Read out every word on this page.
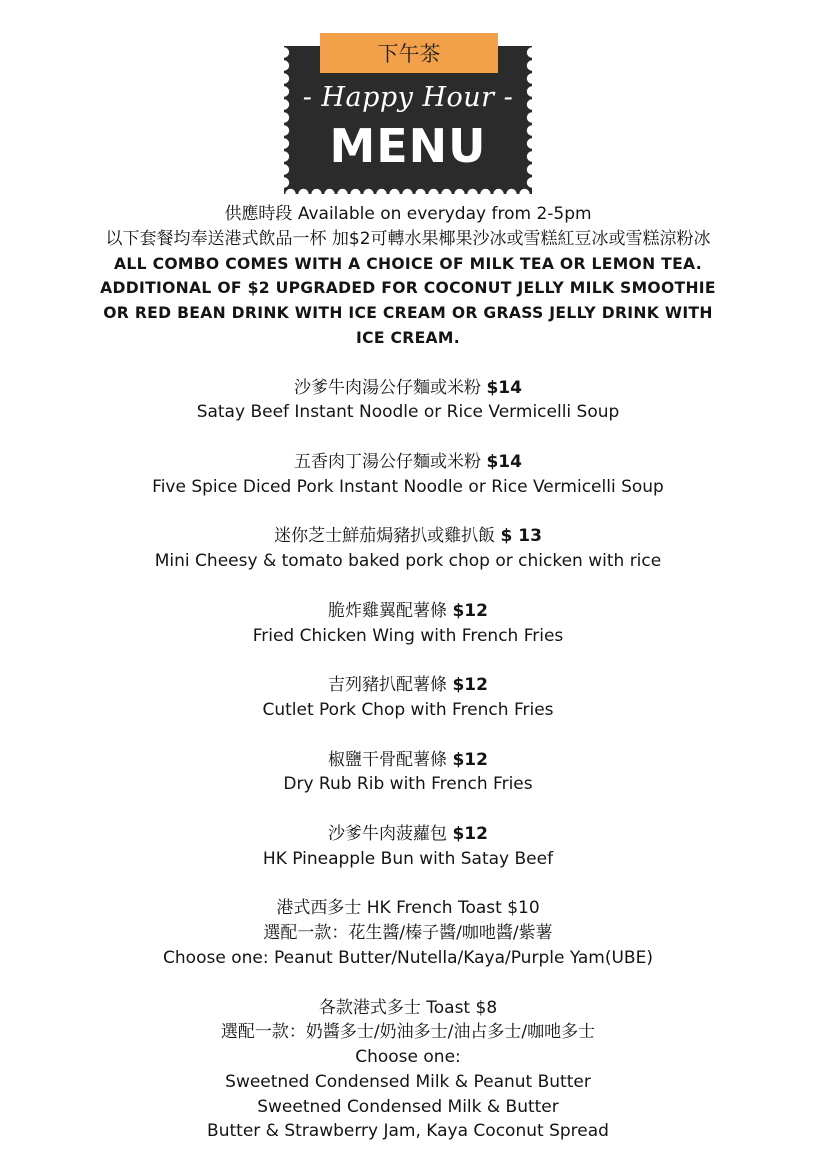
下午茶
- Happy Hour -
MENU
供應時段 Available on everyday from 2-5pm
以下套餐均奉送港式飲品一杯 加$2可轉水果椰果沙冰或雪糕紅豆冰或雪糕涼粉冰
ALL COMBO COMES WITH A CHOICE OF MILK TEA OR LEMON TEA.
ADDITIONAL OF $2 UPGRADED FOR COCONUT JELLY MILK SMOOTHIE
OR RED BEAN DRINK WITH ICE CREAM OR GRASS JELLY DRINK WITH
ICE CREAM.
沙爹牛肉湯公仔麵或米粉 $14
Satay Beef Instant Noodle or Rice Vermicelli Soup
五香肉丁湯公仔麵或米粉 $14
Five Spice Diced Pork Instant Noodle or Rice Vermicelli Soup
迷你芝士鮮茄焗豬扒或雞扒飯 $ 13
Mini Cheesy & tomato baked pork chop or chicken with rice
脆炸雞翼配薯條 $12
Fried Chicken Wing with French Fries
吉列豬扒配薯條 $12
Cutlet Pork Chop with French Fries
椒鹽干骨配薯條 $12
Dry Rub Rib with French Fries
沙爹牛肉菠蘿包 $12
HK Pineapple Bun with Satay Beef
港式西多士 HK French Toast $10
選配一款：花生醬/榛子醬/咖吔醬/紫薯
Choose one: Peanut Butter/Nutella/Kaya/Purple Yam(UBE)
各款港式多士 Toast $8
選配一款：奶醬多士/奶油多士/油占多士/咖吔多士
Choose one:
Sweetned Condensed Milk & Peanut Butter
Sweetned Condensed Milk & Butter
Butter & Strawberry Jam, Kaya Coconut Spread
